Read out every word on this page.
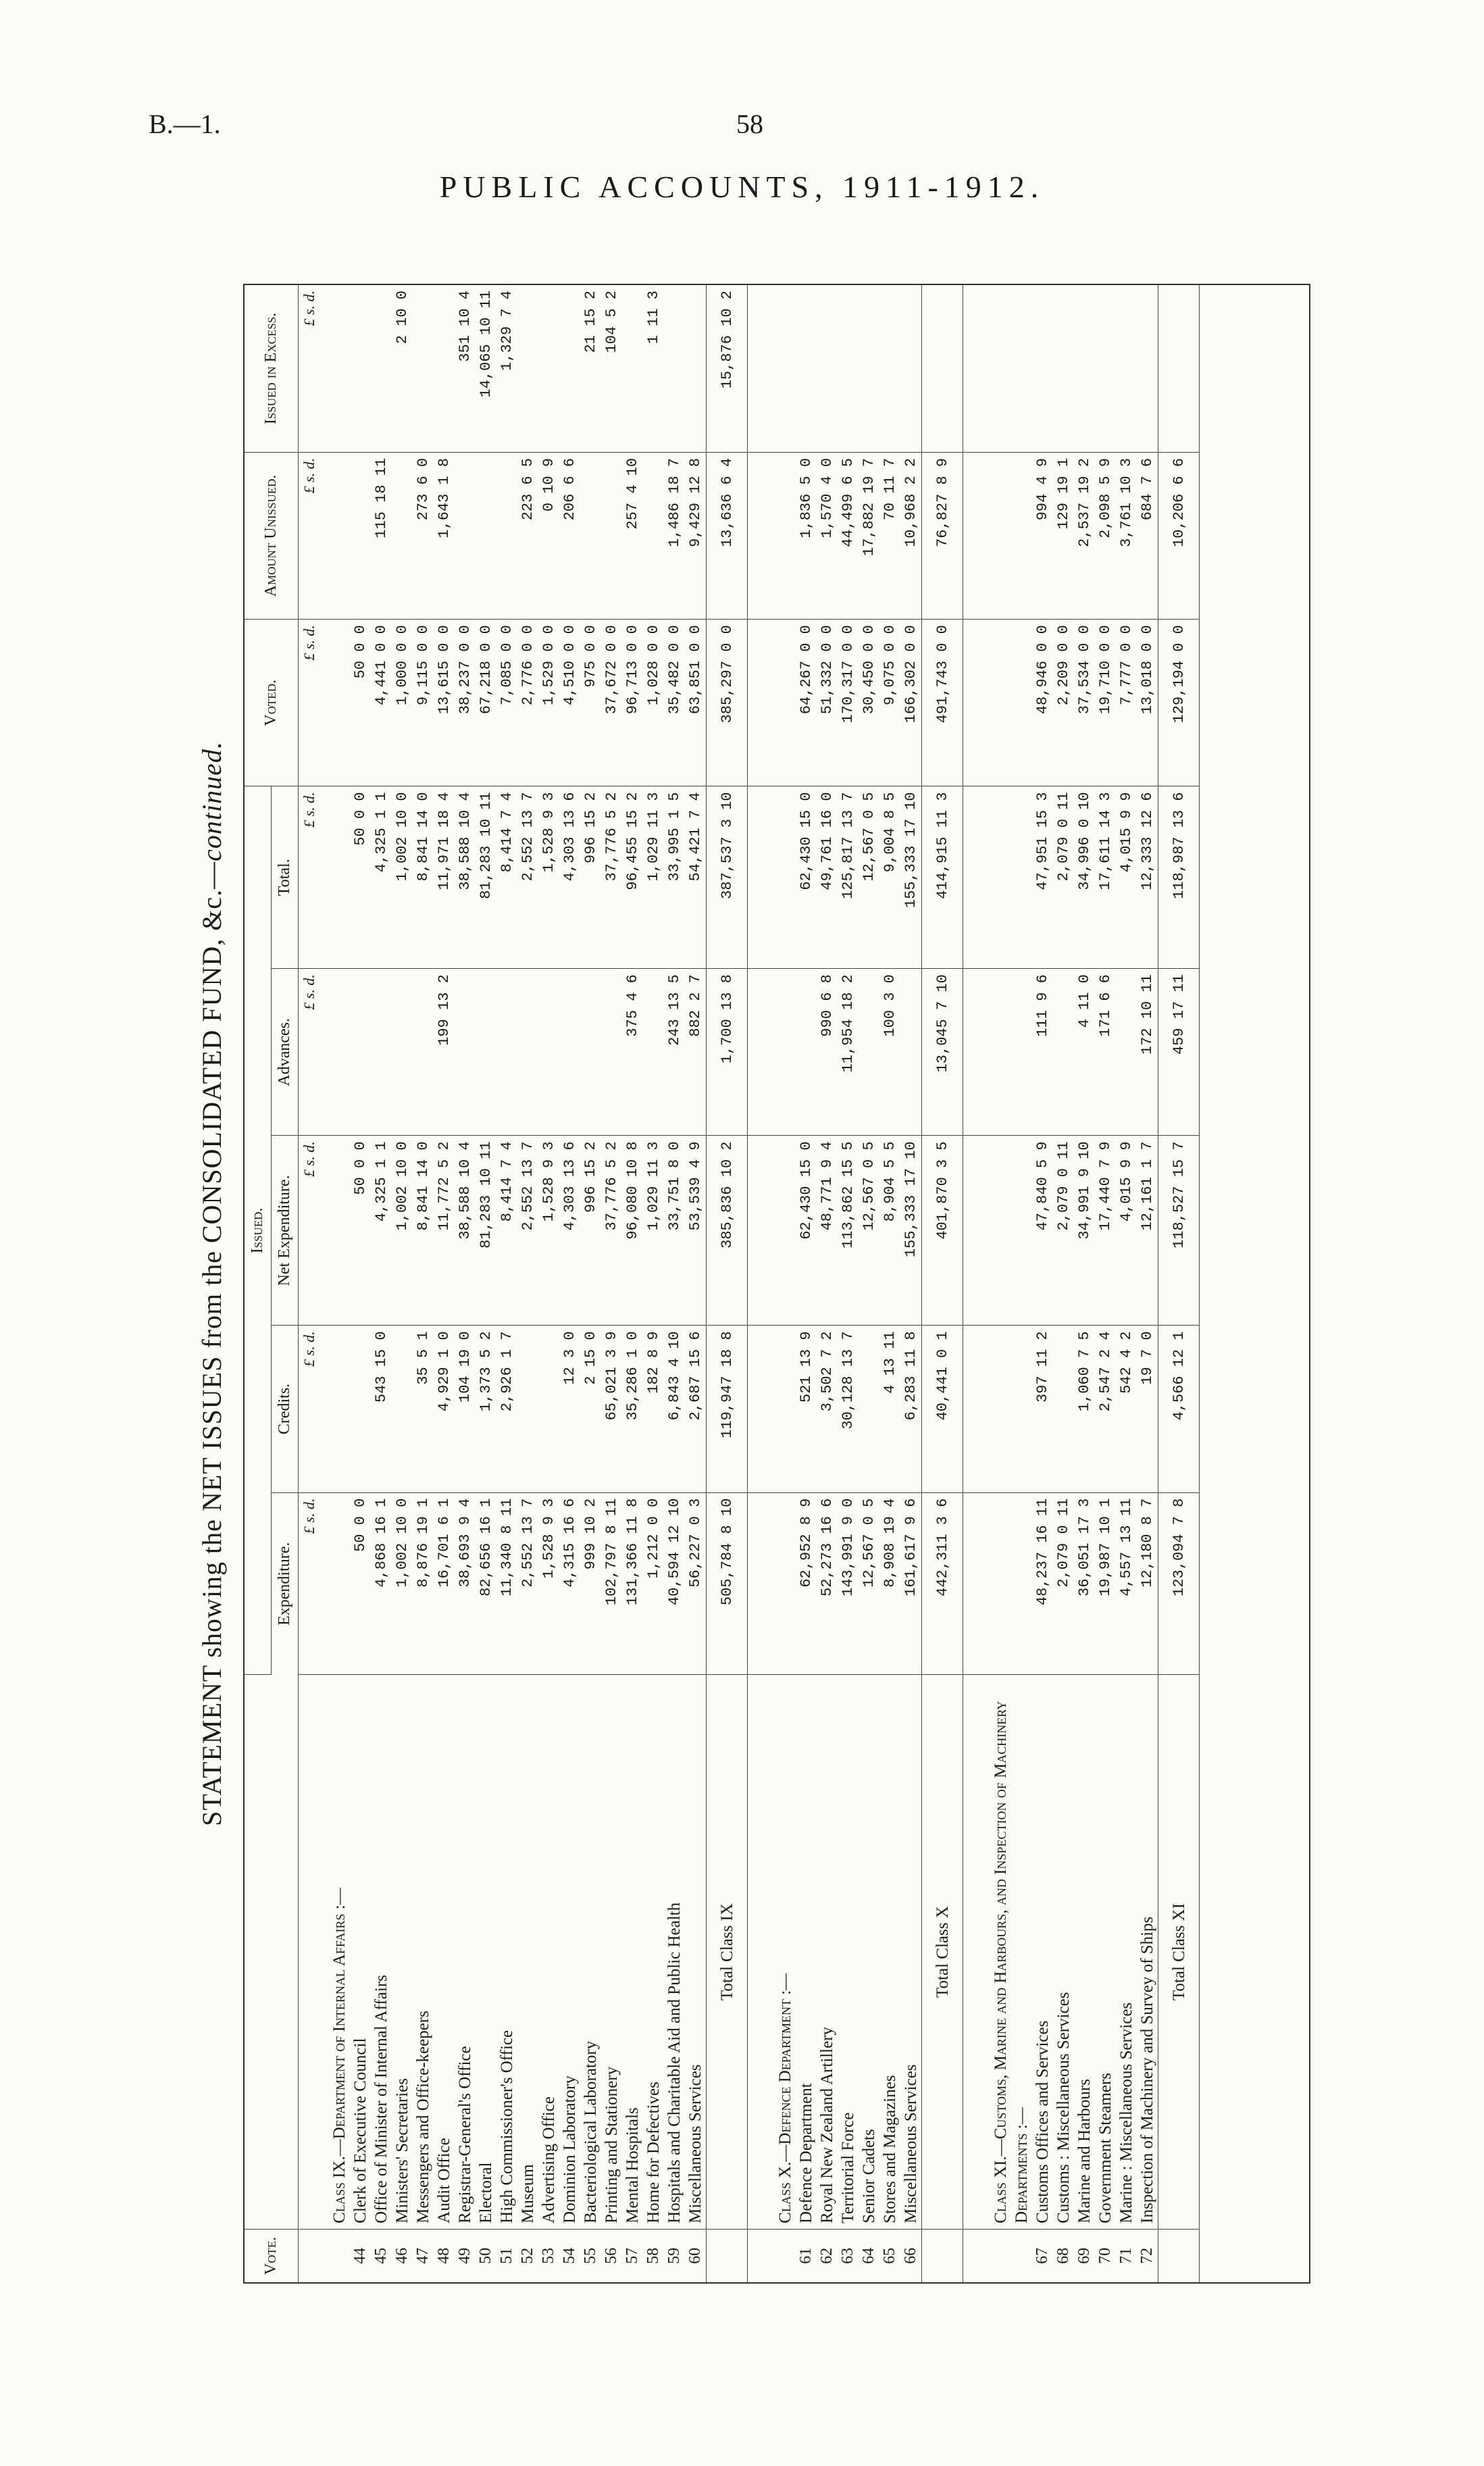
B.—1.	58
PUBLIC ACCOUNTS, 1911-1912.
STATEMENT showing the NET ISSUES from the CONSOLIDATED FUND, &c.—continued.
Vote.		Issued.					Voted.	Amount Unissued.	Issued in Excess.
		Expenditure.	Credits.	Net Expenditure.	Advances.	Total.			
		£ s. d.	£ s. d.	£ s. d.	£ s. d.	£ s. d.	£ s. d.	£ s. d.	£ s. d.
	Class IX.—Department of Internal Affairs :—								
44	Clerk of Executive Council	50 0 0		50 0 0		50 0 0	50 0 0		
45	Office of Minister of Internal Affairs	4,868 16 1	543 15 0	4,325 1 1		4,325 1 1	4,441 0 0	115 18 11	
46	Ministers' Secretaries	1,002 10 0		1,002 10 0		1,002 10 0	1,000 0 0		2 10 0
47	Messengers and Office-keepers	8,876 19 1	35 5 1	8,841 14 0		8,841 14 0	9,115 0 0	273 6 0	
48	Audit Office	16,701 6 1	4,929 1 0	11,772 5 2	199 13 2	11,971 18 4	13,615 0 0	1,643 1 8	
49	Registrar-General's Office	38,693 9 4	104 19 0	38,588 10 4		38,588 10 4	38,237 0 0		351 10 4
50	Electoral	82,656 16 1	1,373 5 2	81,283 10 11		81,283 10 11	67,218 0 0		14,065 10 11
51	High Commissioner's Office	11,340 8 11	2,926 1 7	8,414 7 4		8,414 7 4	7,085 0 0		1,329 7 4
52	Museum	2,552 13 7		2,552 13 7		2,552 13 7	2,776 0 0	223 6 5	
53	Advertising Office	1,528 9 3		1,528 9 3		1,528 9 3	1,529 0 0	0 10 9	
54	Dominion Laboratory	4,315 16 6	12 3 0	4,303 13 6		4,303 13 6	4,510 0 0	206 6 6	
55	Bacteriological Laboratory	999 10 2	2 15 0	996 15 2		996 15 2	975 0 0		21 15 2
56	Printing and Stationery	102,797 8 11	65,021 3 9	37,776 5 2		37,776 5 2	37,672 0 0		104 5 2
57	Mental Hospitals	131,366 11 8	35,286 1 0	96,080 10 8	375 4 6	96,455 15 2	96,713 0 0	257 4 10	
58	Home for Defectives	1,212 0 0	182 8 9	1,029 11 3		1,029 11 3	1,028 0 0		1 11 3
59	Hospitals and Charitable Aid and Public Health	40,594 12 10	6,843 4 10	33,751 8 0	243 13 5	33,995 1 5	35,482 0 0	1,486 18 7	
60	Miscellaneous Services	56,227 0 3	2,687 15 6	53,539 4 9	882 2 7	54,421 7 4	63,851 0 0	9,429 12 8	
	Total Class IX	505,784 8 10	119,947 18 8	385,836 10 2	1,700 13 8	387,537 3 10	385,297 0 0	13,636 6 4	15,876 10 2

	Class X.—Defence Department :—								
61	Defence Department	62,952 8 9	521 13 9	62,430 15 0		62,430 15 0	64,267 0 0	1,836 5 0	
62	Royal New Zealand Artillery	52,273 16 6	3,502 7 2	48,771 9 4	990 6 8	49,761 16 0	51,332 0 0	1,570 4 0	
63	Territorial Force	143,991 9 0	30,128 13 7	113,862 15 5	11,954 18 2	125,817 13 7	170,317 0 0	44,499 6 5	
64	Senior Cadets	12,567 0 5		12,567 0 5		12,567 0 5	30,450 0 0	17,882 19 7	
65	Stores and Magazines	8,908 19 4	4 13 11	8,904 5 5	100 3 0	9,004 8 5	9,075 0 0	70 11 7	
66	Miscellaneous Services	161,617 9 6	6,283 11 8	155,333 17 10		155,333 17 10	166,302 0 0	10,968 2 2	
	Total Class X	442,311 3 6	40,441 0 1	401,870 3 5	13,045 7 10	414,915 11 3	491,743 0 0	76,827 8 9	

	Class XI.—Customs, Marine and Harbours, and Inspection of Machinery Departments :—								
67	Customs Offices and Services	48,237 16 11	397 11 2	47,840 5 9	111 9 6	47,951 15 3	48,946 0 0	994 4 9	
68	Customs : Miscellaneous Services	2,079 0 11		2,079 0 11		2,079 0 11	2,209 0 0	129 19 1	
69	Marine and Harbours	36,051 17 3	1,060 7 5	34,991 9 10	4 11 0	34,996 0 10	37,534 0 0	2,537 19 2	
70	Government Steamers	19,987 10 1	2,547 2 4	17,440 7 9	171 6 6	17,611 14 3	19,710 0 0	2,098 5 9	
71	Marine : Miscellaneous Services	4,557 13 11	542 4 2	4,015 9 9		4,015 9 9	7,777 0 0	3,761 10 3	
72	Inspection of Machinery and Survey of Ships	12,180 8 7	19 7 0	12,161 1 7	172 10 11	12,333 12 6	13,018 0 0	684 7 6	
	Total Class XI	123,094 7 8	4,566 12 1	118,527 15 7	459 17 11	118,987 13 6	129,194 0 0	10,206 6 6	
